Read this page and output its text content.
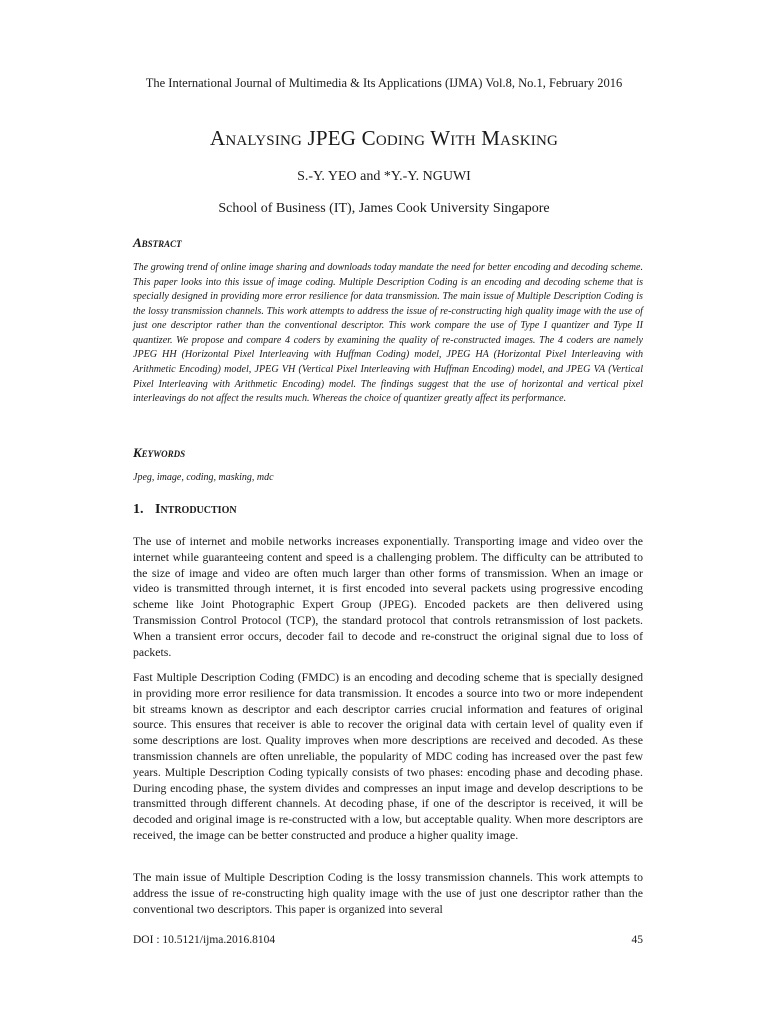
The International Journal of Multimedia & Its Applications (IJMA) Vol.8, No.1, February 2016
Analysing JPEG Coding With Masking
S.-Y. YEO and *Y.-Y. NGUWI
School of Business (IT), James Cook University Singapore
Abstract

The growing trend of online image sharing and downloads today mandate the need for better encoding and decoding scheme. This paper looks into this issue of image coding. Multiple Description Coding is an encoding and decoding scheme that is specially designed in providing more error resilience for data transmission. The main issue of Multiple Description Coding is the lossy transmission channels. This work attempts to address the issue of re-constructing high quality image with the use of just one descriptor rather than the conventional descriptor. This work compare the use of Type I quantizer and Type II quantizer. We propose and compare 4 coders by examining the quality of re-constructed images. The 4 coders are namely JPEG HH (Horizontal Pixel Interleaving with Huffman Coding) model, JPEG HA (Horizontal Pixel Interleaving with Arithmetic Encoding) model, JPEG VH (Vertical Pixel Interleaving with Huffman Encoding) model, and JPEG VA (Vertical Pixel Interleaving with Arithmetic Encoding) model. The findings suggest that the use of horizontal and vertical pixel interleavings do not affect the results much. Whereas the choice of quantizer greatly affect its performance.

Keywords

Jpeg, image, coding, masking, mdc

1. Introduction

The use of internet and mobile networks increases exponentially. Transporting image and video over the internet while guaranteeing content and speed is a challenging problem. The difficulty can be attributed to the size of image and video are often much larger than other forms of transmission. When an image or video is transmitted through internet, it is first encoded into several packets using progressive encoding scheme like Joint Photographic Expert Group (JPEG). Encoded packets are then delivered using Transmission Control Protocol (TCP), the standard protocol that controls retransmission of lost packets. When a transient error occurs, decoder fail to decode and re-construct the original signal due to loss of packets.

Fast Multiple Description Coding (FMDC) is an encoding and decoding scheme that is specially designed in providing more error resilience for data transmission. It encodes a source into two or more independent bit streams known as descriptor and each descriptor carries crucial information and features of original source. This ensures that receiver is able to recover the original data with certain level of quality even if some descriptions are lost. Quality improves when more descriptions are received and decoded. As these transmission channels are often unreliable, the popularity of MDC coding has increased over the past few years. Multiple Description Coding typically consists of two phases: encoding phase and decoding phase. During encoding phase, the system divides and compresses an input image and develop descriptions to be transmitted through different channels. At decoding phase, if one of the descriptor is received, it will be decoded and original image is re-constructed with a low, but acceptable quality. When more descriptors are received, the image can be better constructed and produce a higher quality image.

The main issue of Multiple Description Coding is the lossy transmission channels. This work attempts to address the issue of re-constructing high quality image with the use of just one descriptor rather than the conventional two descriptors. This paper is organized into several

DOI : 10.5121/ijma.2016.8104	45
